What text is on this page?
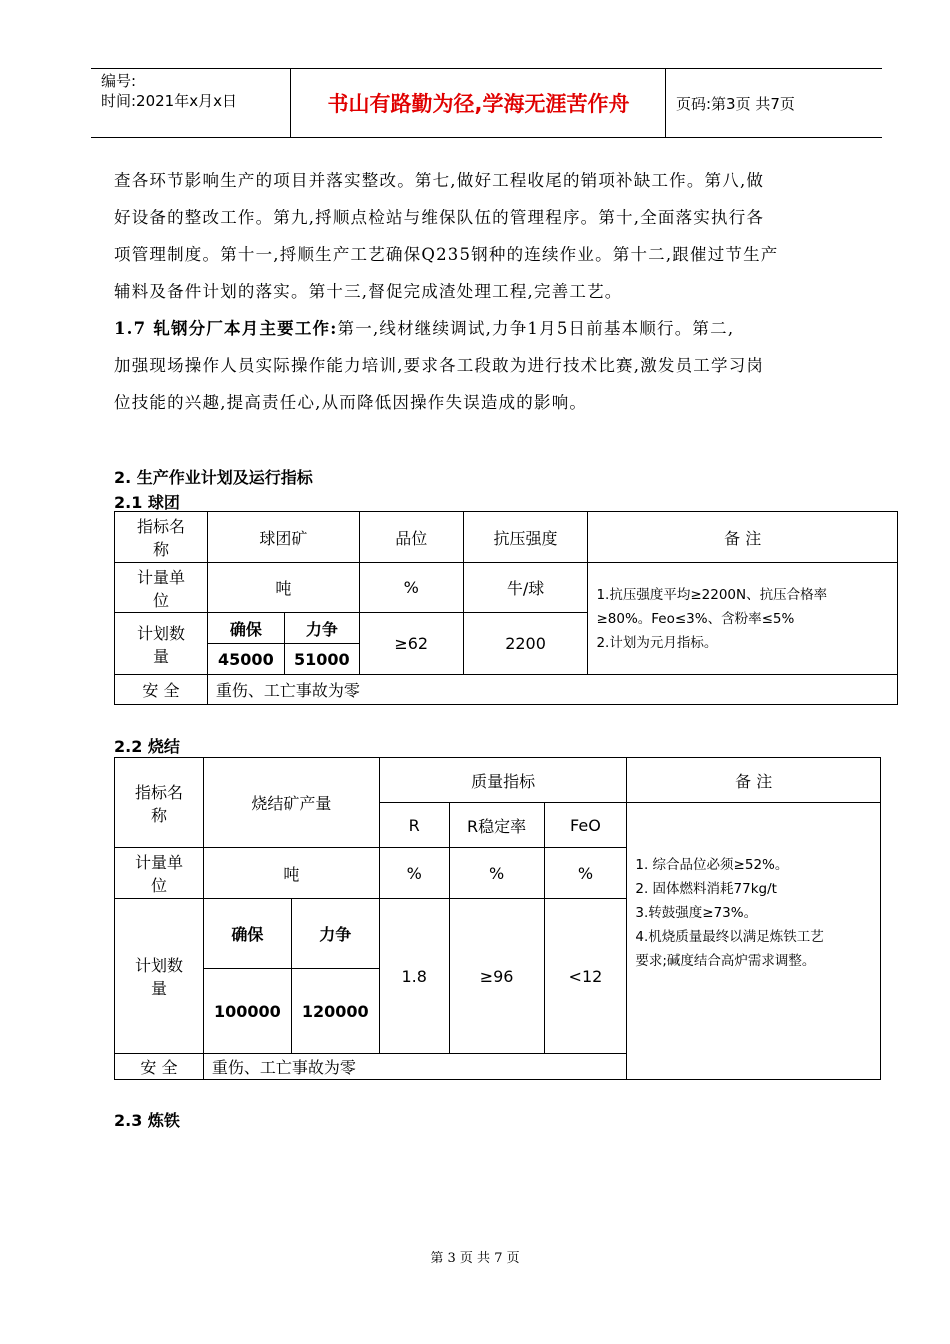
编号:
时间:2021年x月x日	书山有路勤为径,学海无涯苦作舟	页码:第3页 共7页

查各环节影响生产的项目并落实整改。第七,做好工程收尾的销项补缺工作。第八,做

好设备的整改工作。第九,捋顺点检站与维保队伍的管理程序。第十,全面落实执行各

项管理制度。第十一,捋顺生产工艺确保Q235钢种的连续作业。第十二,跟催过节生产

辅料及备件计划的落实。第十三,督促完成渣处理工程,完善工艺。

1.7 轧钢分厂本月主要工作:第一,线材继续调试,力争1月5日前基本顺行。第二,

加强现场操作人员实际操作能力培训,要求各工段敢为进行技术比赛,激发员工学习岗

位技能的兴趣,提高责任心,从而降低因操作失误造成的影响。

2. 生产作业计划及运行指标
2.1 球团
指标名称	球团矿		品位	抗压强度	备 注
计量单位	吨		%	牛/球	1.抗压强度平均≥2200N、抗压合格率
≥80%。Feo≤3%、含粉率≤5%
2.计划为元月指标。

计划数量	确保	力争	≥62	2200	
	45000	51000			
安 全	重伤、工亡事故为零				
2.2 烧结
指标名称	烧结矿产量		质量指标			备 注
			R	R稳定率	FeO	1. 综合品位必须≥52%。
2. 固体燃料消耗77kg/t
3.转鼓强度≥73%。
4.机烧质量最终以满足炼铁工艺
要求;碱度结合高炉需求调整。

计量单位	吨		%	%	%	
计划数量	确保	力争	1.8	≥96	<12	
	100000	120000				
安 全	重伤、工亡事故为零					
2.3 炼铁
第 3 页 共 7 页
